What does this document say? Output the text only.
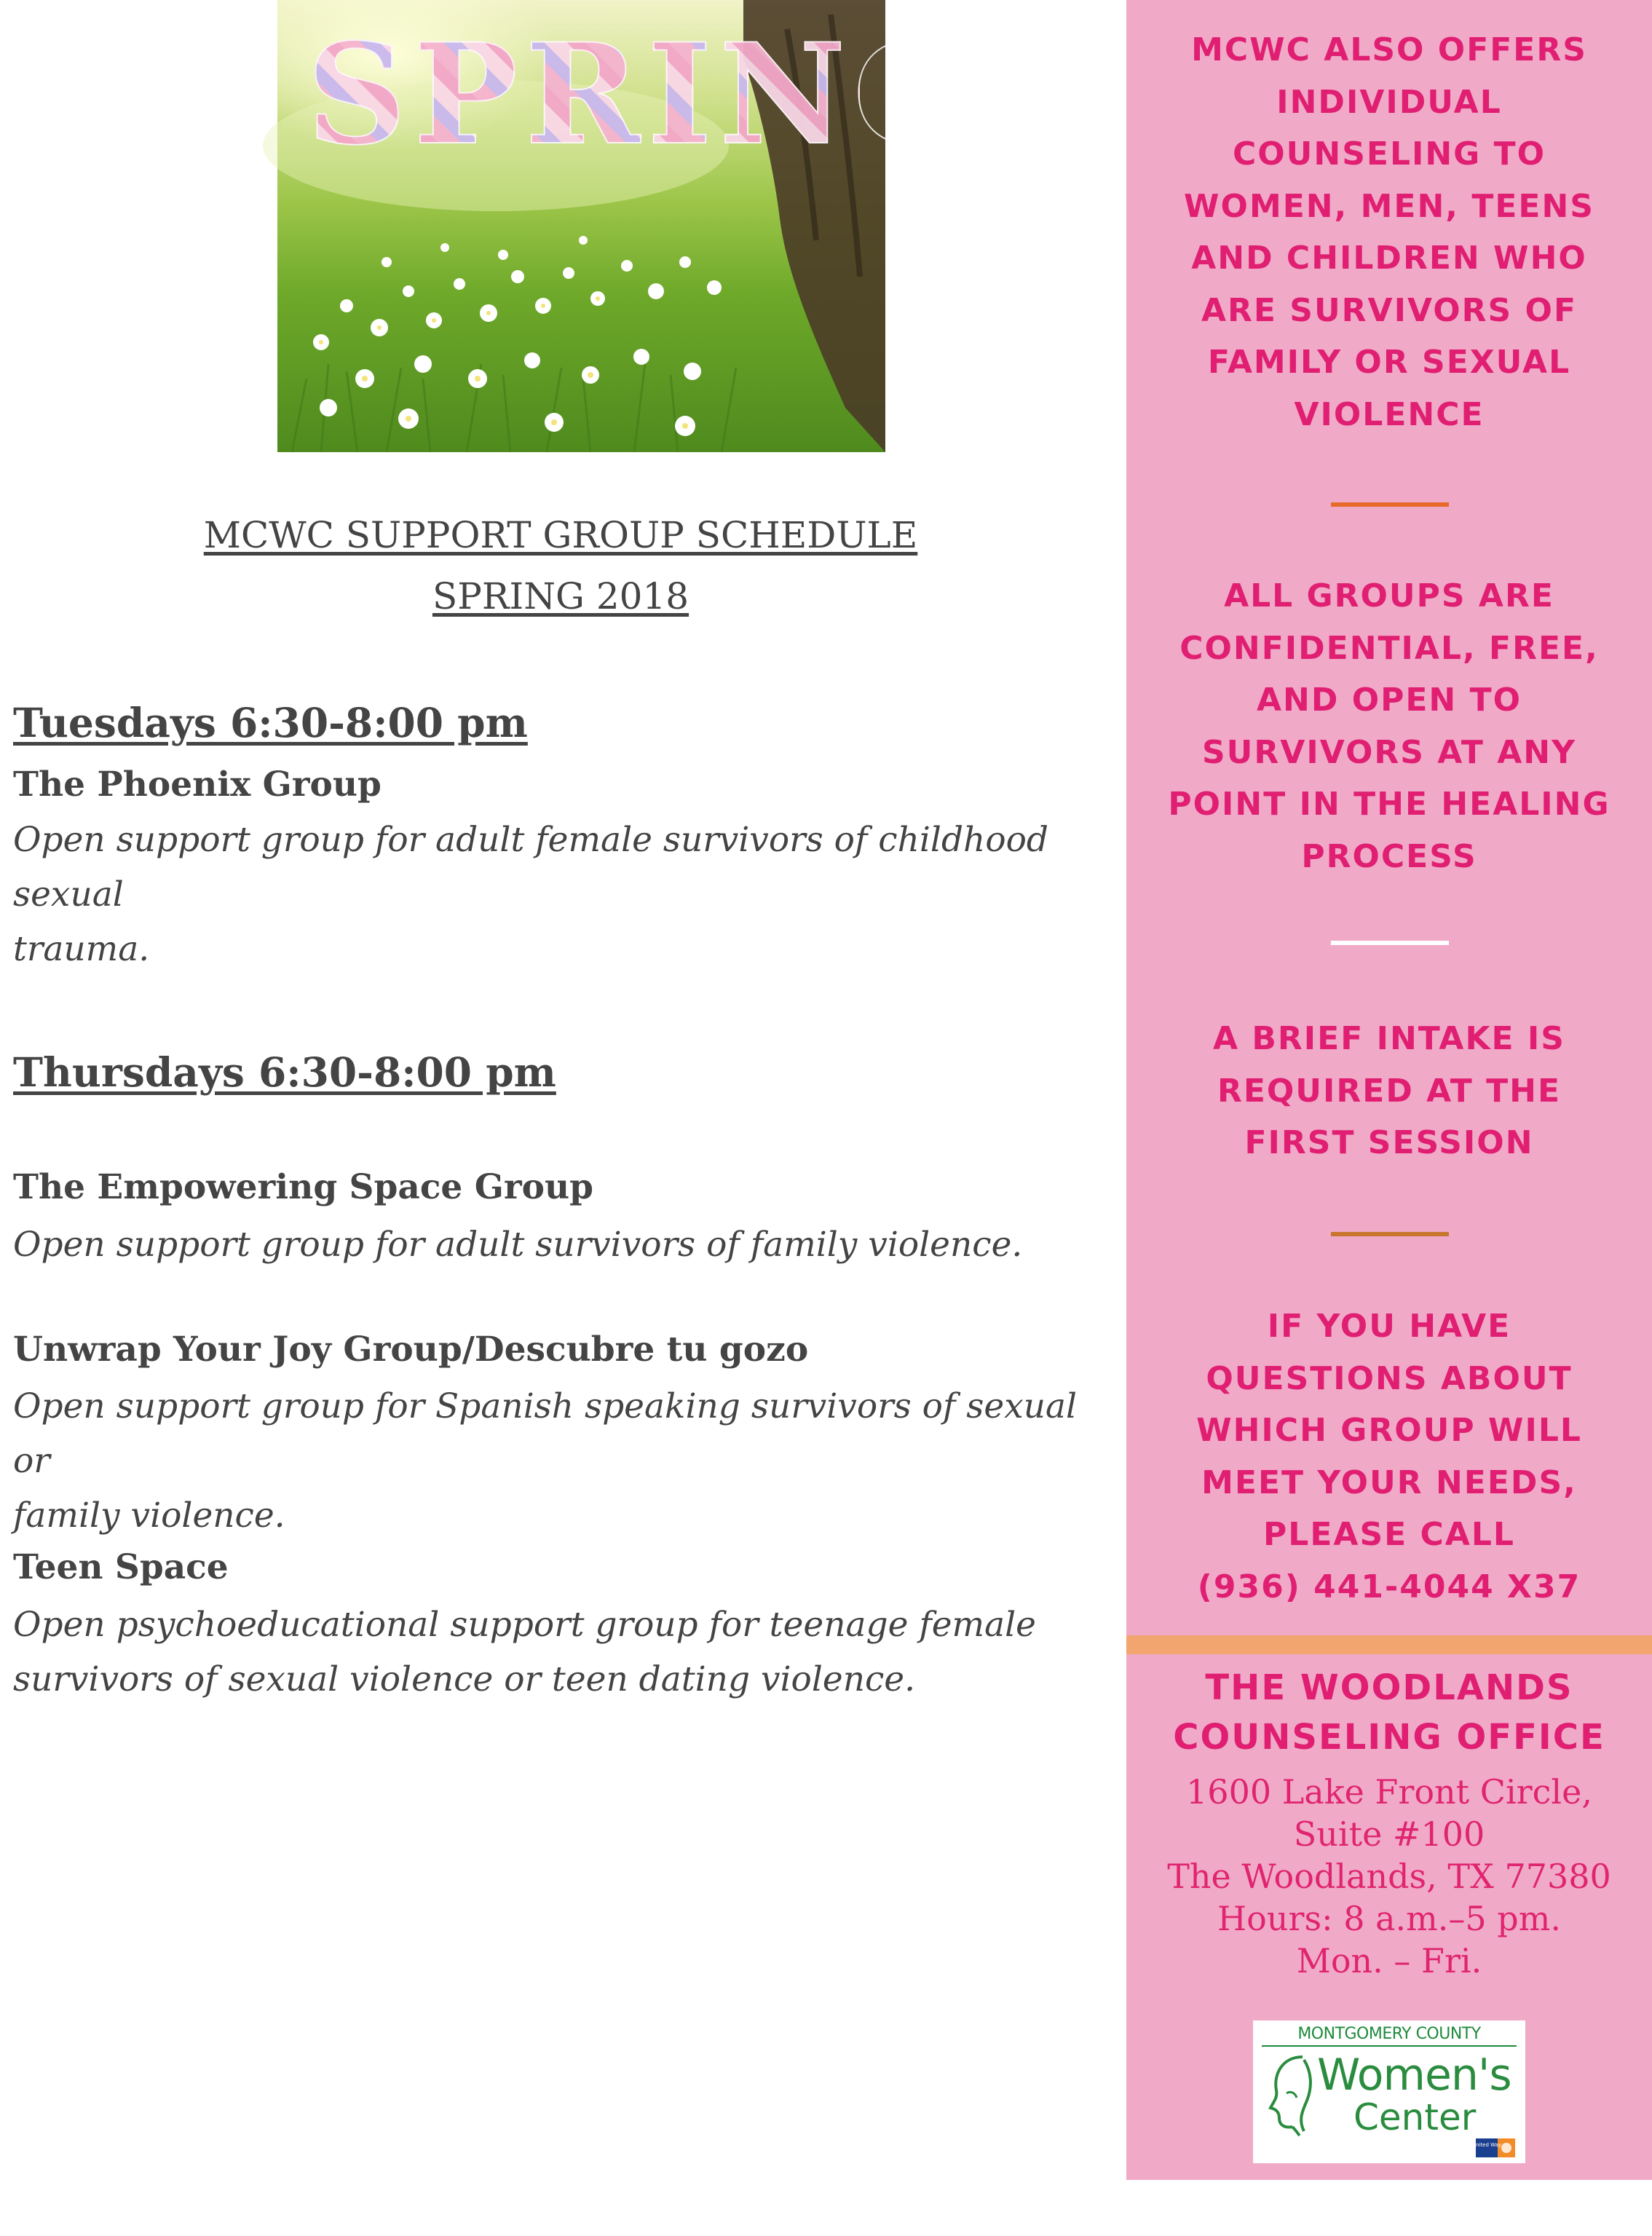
SPRING
MCWC SUPPORT GROUP SCHEDULE
SPRING 2018
Tuesdays 6:30-8:00 pm
The Phoenix Group

Open support group for adult female survivors of childhood sexual
trauma.

Thursdays 6:30-8:00 pm
The Empowering Space Group

Open support group for adult survivors of family violence.

Unwrap Your Joy Group/Descubre tu gozo

Open support group for Spanish speaking survivors of sexual or
family violence.

Teen Space

Open psychoeducational support group for teenage female
survivors of sexual violence or teen dating violence.

MCWC ALSO OFFERS
INDIVIDUAL
COUNSELING TO
WOMEN, MEN, TEENS
AND CHILDREN WHO
ARE SURVIVORS OF
FAMILY OR SEXUAL
VIOLENCE

ALL GROUPS ARE
CONFIDENTIAL, FREE,
AND OPEN TO
SURVIVORS AT ANY
POINT IN THE HEALING
PROCESS

A BRIEF INTAKE IS
REQUIRED AT THE
FIRST SESSION

IF YOU HAVE
QUESTIONS ABOUT
WHICH GROUP WILL
MEET YOUR NEEDS,
PLEASE CALL
(936) 441-4044 X37

THE WOODLANDS
COUNSELING OFFICE

1600 Lake Front Circle,
Suite #100
The Woodlands, TX 77380
Hours: 8 a.m.–5 pm.
Mon. – Fri.
MONTGOMERY COUNTY
Women's
Center
United Way
